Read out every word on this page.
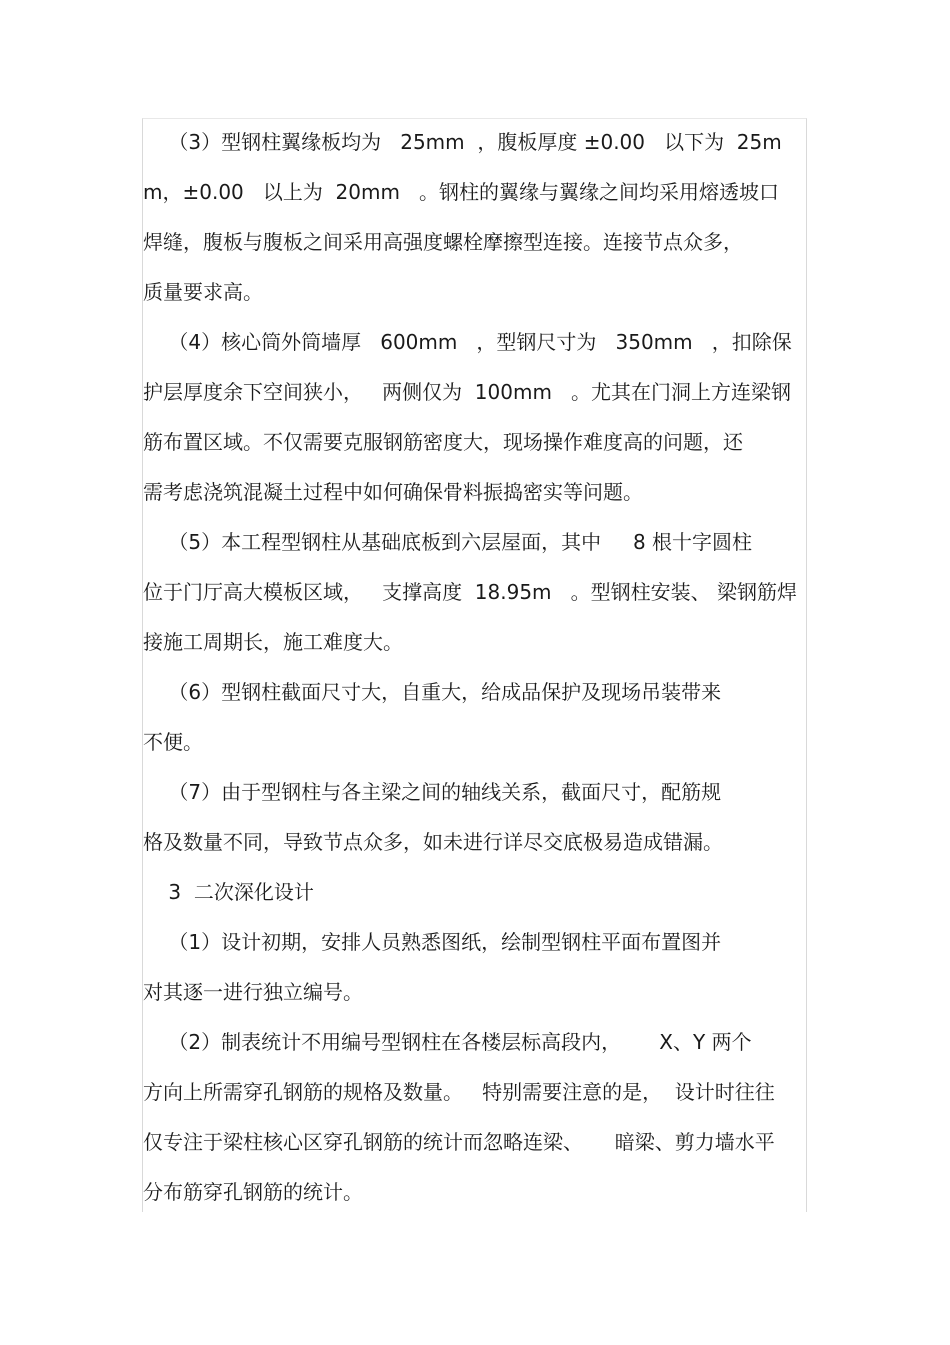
（3）型钢柱翼缘板均为   25mm  ，腹板厚度 ±0.00   以下为  25m
m，±0.00   以上为  20mm   。钢柱的翼缘与翼缘之间均采用熔透坡口
焊缝，腹板与腹板之间采用高强度螺栓摩擦型连接。连接节点众多，
质量要求高。
（4）核心筒外筒墙厚   600mm   ，型钢尺寸为   350mm   ，扣除保
护层厚度余下空间狭小，   两侧仅为  100mm   。尤其在门洞上方连梁钢
筋布置区域。不仅需要克服钢筋密度大，现场操作难度高的问题，还
需考虑浇筑混凝土过程中如何确保骨料振捣密实等问题。
（5）本工程型钢柱从基础底板到六层屋面，其中     8 根十字圆柱
位于门厅高大模板区域，   支撑高度  18.95m   。型钢柱安装、 梁钢筋焊
接施工周期长，施工难度大。
（6）型钢柱截面尺寸大，自重大，给成品保护及现场吊装带来
不便。
（7）由于型钢柱与各主梁之间的轴线关系，截面尺寸，配筋规
格及数量不同，导致节点众多，如未进行详尽交底极易造成错漏。
3  二次深化设计
（1）设计初期，安排人员熟悉图纸，绘制型钢柱平面布置图并
对其逐一进行独立编号。
（2）制表统计不用编号型钢柱在各楼层标高段内，      X、Y 两个
方向上所需穿孔钢筋的规格及数量。   特别需要注意的是，  设计时往往
仅专注于梁柱核心区穿孔钢筋的统计而忽略连梁、     暗梁、剪力墙水平
分布筋穿孔钢筋的统计。
